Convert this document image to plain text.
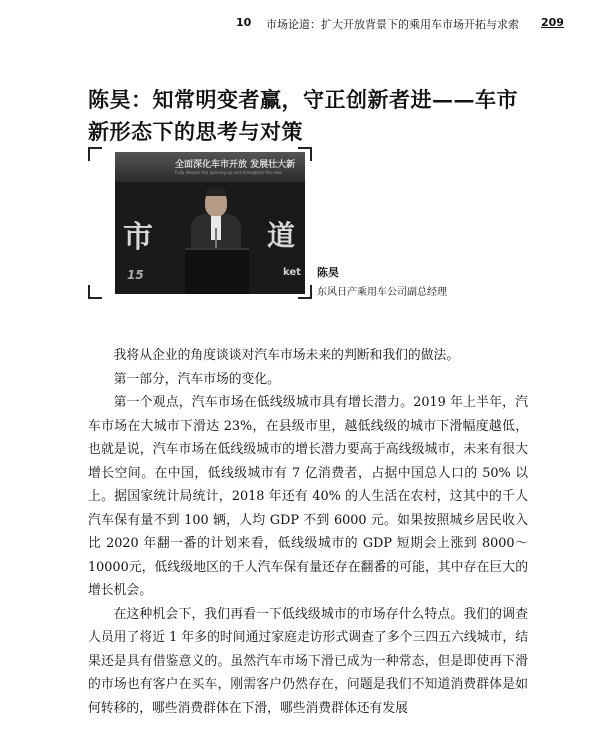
10 市场论道：扩大开放背景下的乘用车市场开拓与求索 209
陈昊：知常明变者赢，守正创新者进——车市
新形态下的思考与对策
全面深化车市开放 发展壮大新
Fully deepen the opening up and strengthen the new
市	道
ket
15	陈昊
东风日产乘用车公司副总经理

我将从企业的角度谈谈对汽车市场未来的判断和我们的做法。

第一部分，汽车市场的变化。

第一个观点，汽车市场在低线级城市具有增长潜力。2019 年上半年，汽车市场在大城市下滑达 23%，在县级市里，越低线级的城市下滑幅度越低，也就是说，汽车市场在低线级城市的增长潜力要高于高线级城市，未来有很大增长空间。在中国，低线级城市有 7 亿消费者，占据中国总人口的 50% 以上。据国家统计局统计，2018 年还有 40% 的人生活在农村，这其中的千人汽车保有量不到 100 辆，人均 GDP 不到 6000 元。如果按照城乡居民收入比 2020 年翻一番的计划来看，低线级城市的 GDP 短期会上涨到 8000～10000元，低线级地区的千人汽车保有量还存在翻番的可能，其中存在巨大的增长机会。

在这种机会下，我们再看一下低线级城市的市场存什么特点。我们的调查人员用了将近 1 年多的时间通过家庭走访形式调查了多个三四五六线城市，结果还是具有借鉴意义的。虽然汽车市场下滑已成为一种常态，但是即使再下滑的市场也有客户在买车，刚需客户仍然存在，问题是我们不知道消费群体是如何转移的，哪些消费群体在下滑，哪些消费群体还有发展
